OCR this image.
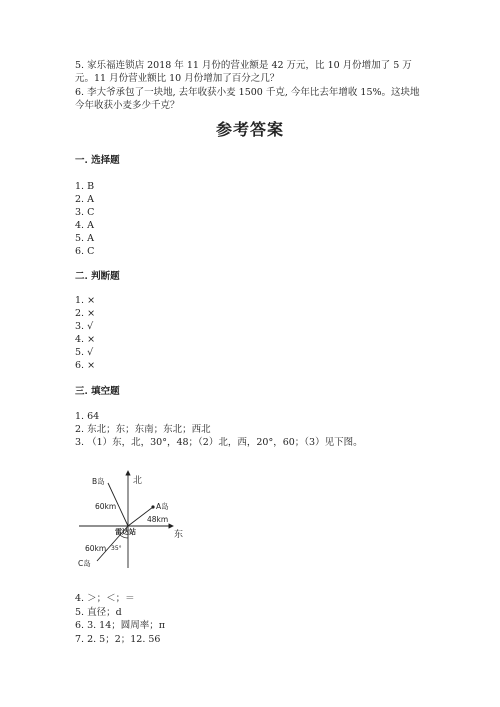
5. 家乐福连锁店 2018 年 11 月份的营业额是 42 万元，比 10 月份增加了 5 万
元。11 月份营业额比 10 月份增加了百分之几？
6. 李大爷承包了一块地, 去年收获小麦 1500 千克, 今年比去年增收 15%。这块地
今年收获小麦多少千克？
参考答案
一. 选择题
1. B
2. A
3. C
4. A
5. A
6. C
二. 判断题
1. ×
2. ×
3. √
4. ×
5. √
6. ×
三. 填空题
1. 64
2. 东北；东；东南；东北；西北
3. （1）东，北，30°，48；（2）北，西，20°，60；（3）见下图。
北
东
B岛
A岛
C岛
60km
48km
60km 35°
雷达站
4. ＞；＜；＝
5. 直径；d
6. 3. 14；圆周率；π
7. 2. 5；2；12. 56
